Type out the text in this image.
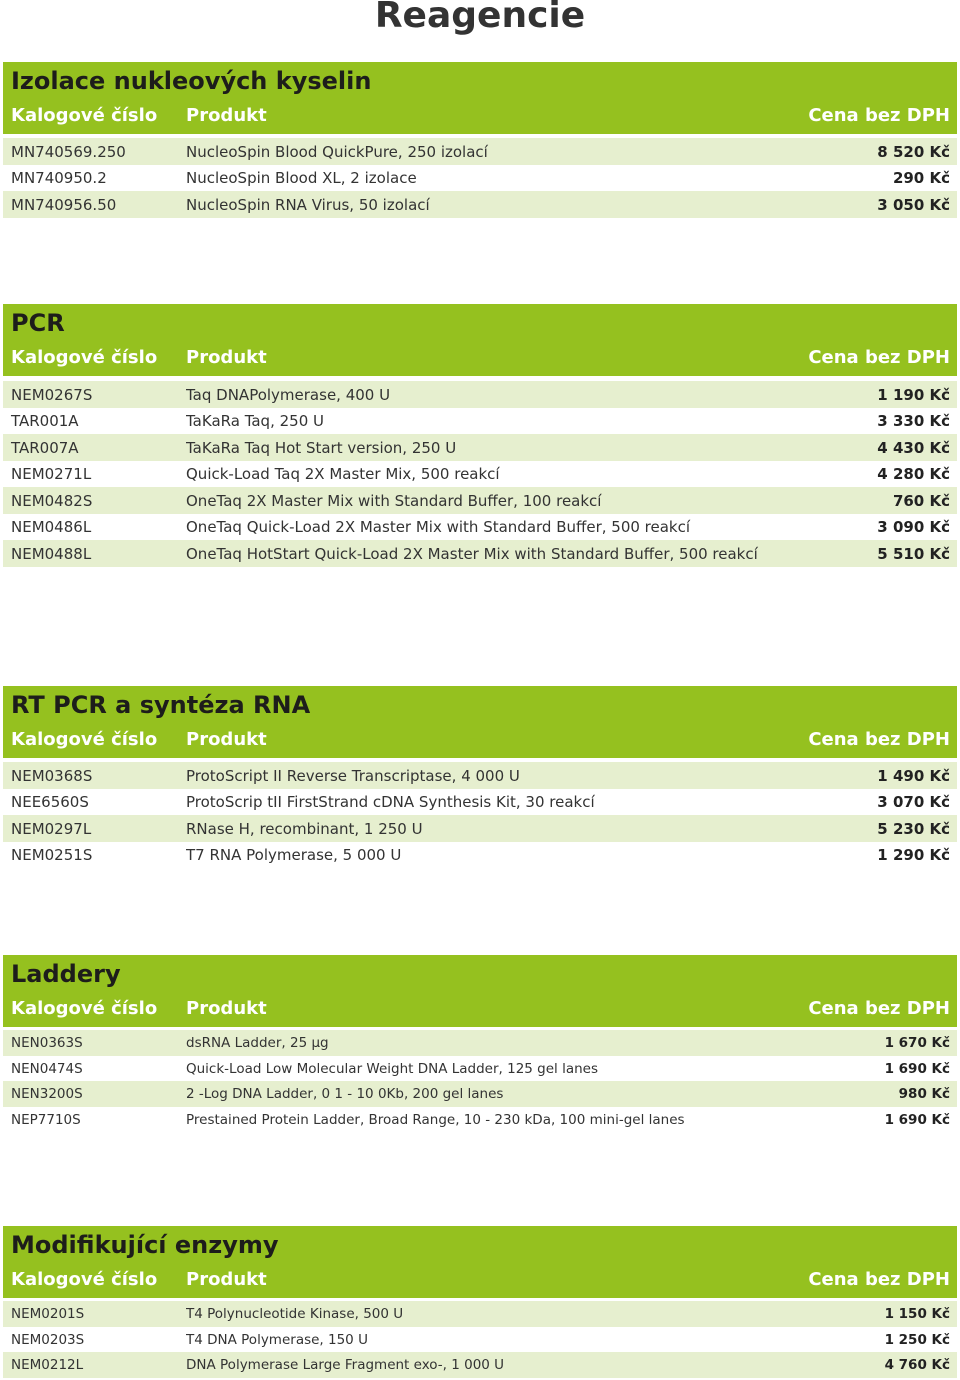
Reagencie
Izolace nukleových kyselin
Kalogové číslo	Produkt	Cena bez DPH
MN740569.250	NucleoSpin Blood QuickPure, 250 izolací	8 520 Kč
MN740950.2	NucleoSpin Blood XL, 2 izolace	290 Kč
MN740956.50	NucleoSpin RNA Virus, 50 izolací	3 050 Kč
PCR
Kalogové číslo	Produkt	Cena bez DPH
NEM0267S	Taq DNAPolymerase, 400 U	1 190 Kč
TAR001A	TaKaRa Taq, 250 U	3 330 Kč
TAR007A	TaKaRa Taq Hot Start version, 250 U	4 430 Kč
NEM0271L	Quick-Load Taq 2X Master Mix, 500 reakcí	4 280 Kč
NEM0482S	OneTaq 2X Master Mix with Standard Buffer, 100 reakcí	760 Kč
NEM0486L	OneTaq Quick-Load 2X Master Mix with Standard Buffer, 500 reakcí	3 090 Kč
NEM0488L	OneTaq HotStart Quick-Load 2X Master Mix with Standard Buffer, 500 reakcí	5 510 Kč
RT PCR a syntéza RNA
Kalogové číslo	Produkt	Cena bez DPH
NEM0368S	ProtoScript II Reverse Transcriptase, 4 000 U	1 490 Kč
NEE6560S	ProtoScrip tII FirstStrand cDNA Synthesis Kit, 30 reakcí	3 070 Kč
NEM0297L	RNase H, recombinant, 1 250 U	5 230 Kč
NEM0251S	T7 RNA Polymerase, 5 000 U	1 290 Kč
Laddery
Kalogové číslo	Produkt	Cena bez DPH
NEN0363S	dsRNA Ladder, 25 µg	1 670 Kč
NEN0474S	Quick-Load Low Molecular Weight DNA Ladder, 125 gel lanes	1 690 Kč
NEN3200S	2 -Log DNA Ladder, 0 1 - 10 0Kb, 200 gel lanes	980 Kč
NEP7710S	Prestained Protein Ladder, Broad Range, 10 - 230 kDa, 100 mini-gel lanes	1 690 Kč
Modifikující enzymy
Kalogové číslo	Produkt	Cena bez DPH
NEM0201S	T4 Polynucleotide Kinase, 500 U	1 150 Kč
NEM0203S	T4 DNA Polymerase, 150 U	1 250 Kč
NEM0212L	DNA Polymerase Large Fragment exo-, 1 000 U	4 760 Kč
